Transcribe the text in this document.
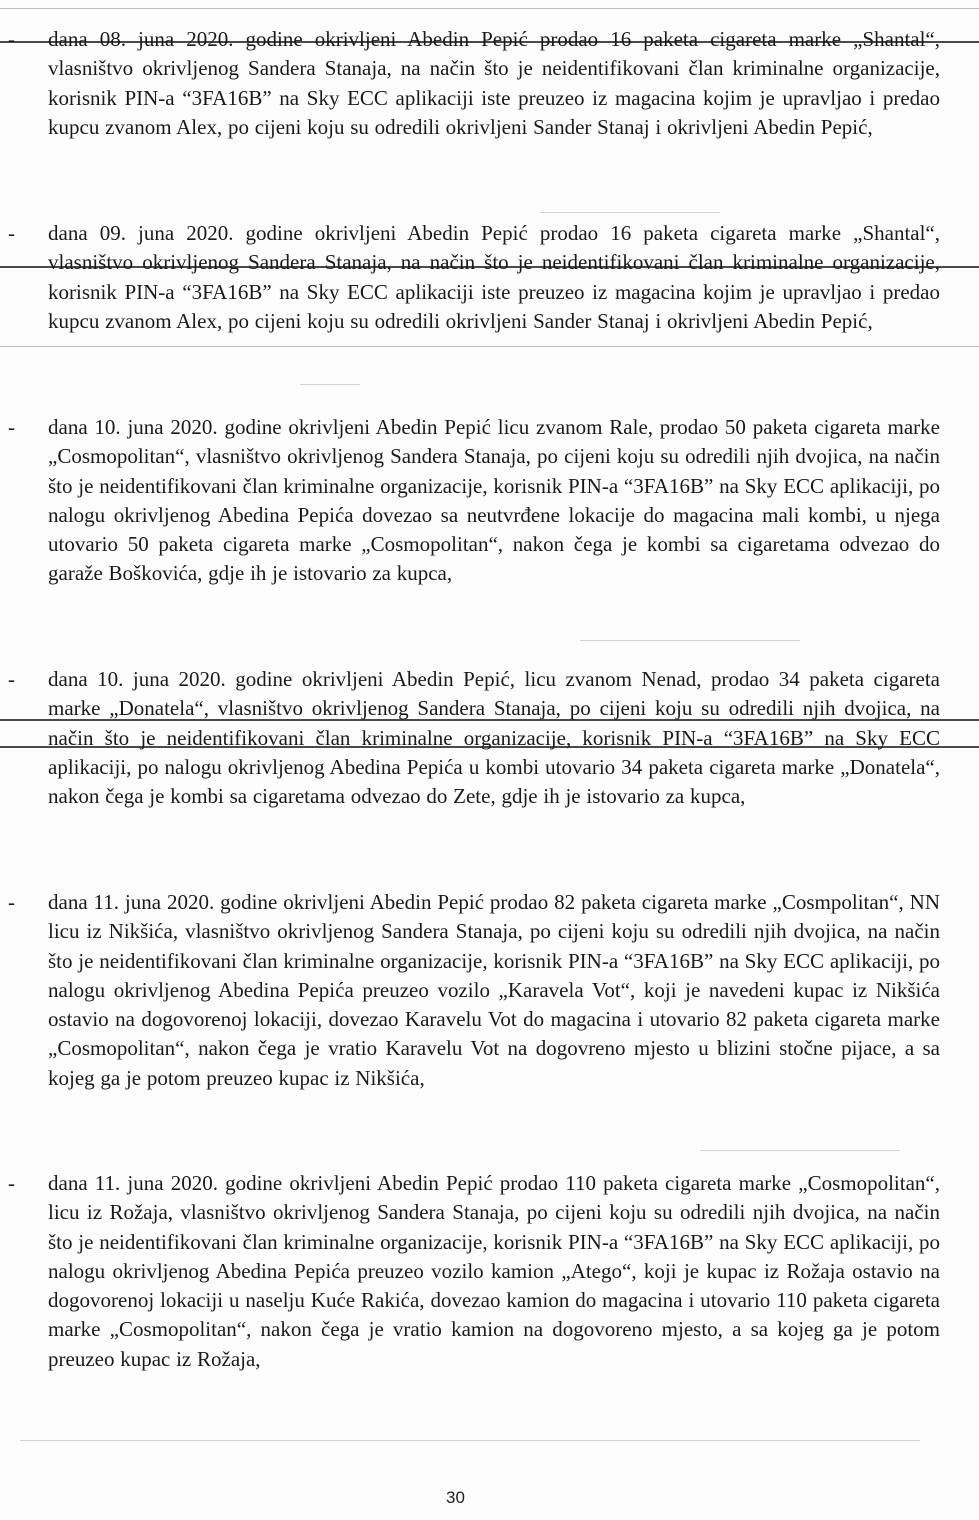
- dana 08. juna 2020. godine okrivljeni Abedin Pepić prodao 16 paketa cigareta marke „Shantal“, vlasništvo okrivljenog Sandera Stanaja, na način što je neidentifikovani član kriminalne organizacije, korisnik PIN-a “3FA16B” na Sky ECC aplikaciji iste preuzeo iz magacina kojim je upravljao i predao kupcu zvanom Alex, po cijeni koju su odredili okrivljeni Sander Stanaj i okrivljeni Abedin Pepić,
- dana 09. juna 2020. godine okrivljeni Abedin Pepić prodao 16 paketa cigareta marke „Shantal“, vlasništvo okrivljenog Sandera Stanaja, na način što je neidentifikovani član kriminalne organizacije, korisnik PIN-a “3FA16B” na Sky ECC aplikaciji iste preuzeo iz magacina kojim je upravljao i predao kupcu zvanom Alex, po cijeni koju su odredili okrivljeni Sander Stanaj i okrivljeni Abedin Pepić,
- dana 10. juna 2020. godine okrivljeni Abedin Pepić licu zvanom Rale, prodao 50 paketa cigareta marke „Cosmopolitan“, vlasništvo okrivljenog Sandera Stanaja, po cijeni koju su odredili njih dvojica, na način što je neidentifikovani član kriminalne organizacije, korisnik PIN-a “3FA16B” na Sky ECC aplikaciji, po nalogu okrivljenog Abedina Pepića dovezao sa neutvrđene lokacije do magacina mali kombi, u njega utovario 50 paketa cigareta marke „Cosmopolitan“, nakon čega je kombi sa cigaretama odvezao do garaže Boškovića, gdje ih je istovario za kupca,
- dana 10. juna 2020. godine okrivljeni Abedin Pepić, licu zvanom Nenad, prodao 34 paketa cigareta marke „Donatela“, vlasništvo okrivljenog Sandera Stanaja, po cijeni koju su odredili njih dvojica, na način što je neidentifikovani član kriminalne organizacije, korisnik PIN-a “3FA16B” na Sky ECC aplikaciji, po nalogu okrivljenog Abedina Pepića u kombi utovario 34 paketa cigareta marke „Donatela“, nakon čega je kombi sa cigaretama odvezao do Zete, gdje ih je istovario za kupca,
- dana 11. juna 2020. godine okrivljeni Abedin Pepić prodao 82 paketa cigareta marke „Cosmpolitan“, NN licu iz Nikšića, vlasništvo okrivljenog Sandera Stanaja, po cijeni koju su odredili njih dvojica, na način što je neidentifikovani član kriminalne organizacije, korisnik PIN-a “3FA16B” na Sky ECC aplikaciji, po nalogu okrivljenog Abedina Pepića preuzeo vozilo „Karavela Vot“, koji je navedeni kupac iz Nikšića ostavio na dogovorenoj lokaciji, dovezao Karavelu Vot do magacina i utovario 82 paketa cigareta marke „Cosmopolitan“, nakon čega je vratio Karavelu Vot na dogovreno mjesto u blizini stočne pijace, a sa kojeg ga je potom preuzeo kupac iz Nikšića,
- dana 11. juna 2020. godine okrivljeni Abedin Pepić prodao 110 paketa cigareta marke „Cosmopolitan“, licu iz Rožaja, vlasništvo okrivljenog Sandera Stanaja, po cijeni koju su odredili njih dvojica, na način što je neidentifikovani član kriminalne organizacije, korisnik PIN-a “3FA16B” na Sky ECC aplikaciji, po nalogu okrivljenog Abedina Pepića preuzeo vozilo kamion „Atego“, koji je kupac iz Rožaja ostavio na dogovorenoj lokaciji u naselju Kuće Rakića, dovezao kamion do magacina i utovario 110 paketa cigareta marke „Cosmopolitan“, nakon čega je vratio kamion na dogovoreno mjesto, a sa kojeg ga je potom preuzeo kupac iz Rožaja,
30
